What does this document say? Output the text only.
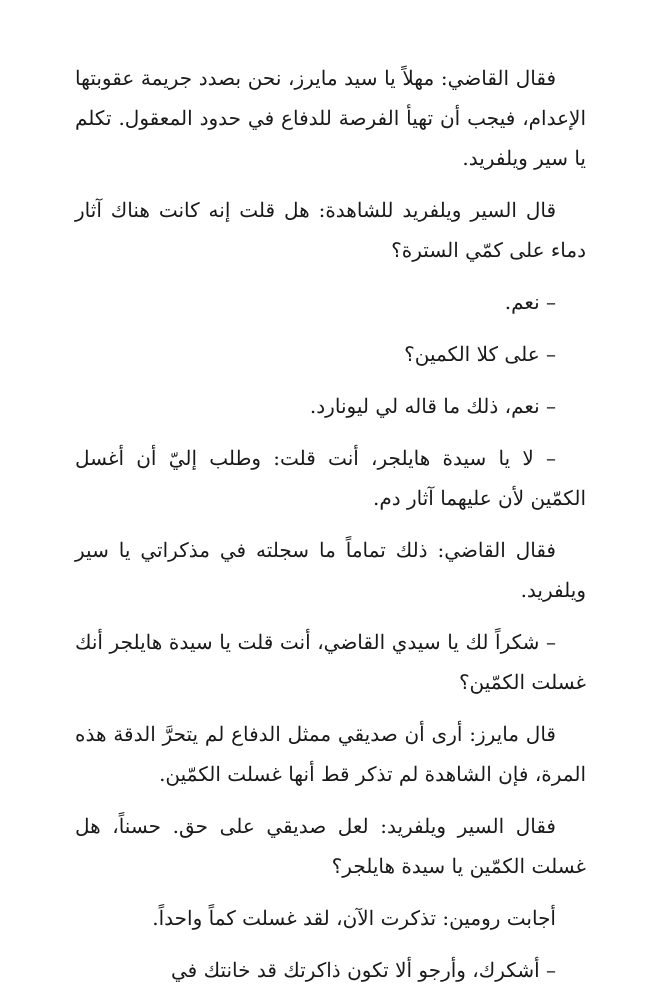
فقال القاضي: مهلاً يا سيد مايرز، نحن بصدد جريمة عقوبتها الإعدام، فيجب أن تهيأ الفرصة للدفاع في حدود المعقول. تكلم يا سير ويلفريد.

قال السير ويلفريد للشاهدة: هل قلت إنه كانت هناك آثار دماء على كمّي السترة؟

– نعم.

– على كلا الكمين؟

– نعم، ذلك ما قاله لي ليونارد.

– لا يا سيدة هايلجر، أنت قلت: وطلب إليّ أن أغسل الكمّين لأن عليهما آثار دم.

فقال القاضي: ذلك تماماً ما سجلته في مذكراتي يا سير ويلفريد.

– شكراً لك يا سيدي القاضي، أنت قلت يا سيدة هايلجر أنك غسلت الكمّين؟

قال مايرز: أرى أن صديقي ممثل الدفاع لم يتحرَّ الدقة هذه المرة، فإن الشاهدة لم تذكر قط أنها غسلت الكمّين.

فقال السير ويلفريد: لعل صديقي على حق. حسناً، هل غسلت الكمّين يا سيدة هايلجر؟

أجابت رومين: تذكرت الآن، لقد غسلت كماً واحداً.

– أشكرك، وأرجو ألا تكون ذاكرتك قد خانتك في
